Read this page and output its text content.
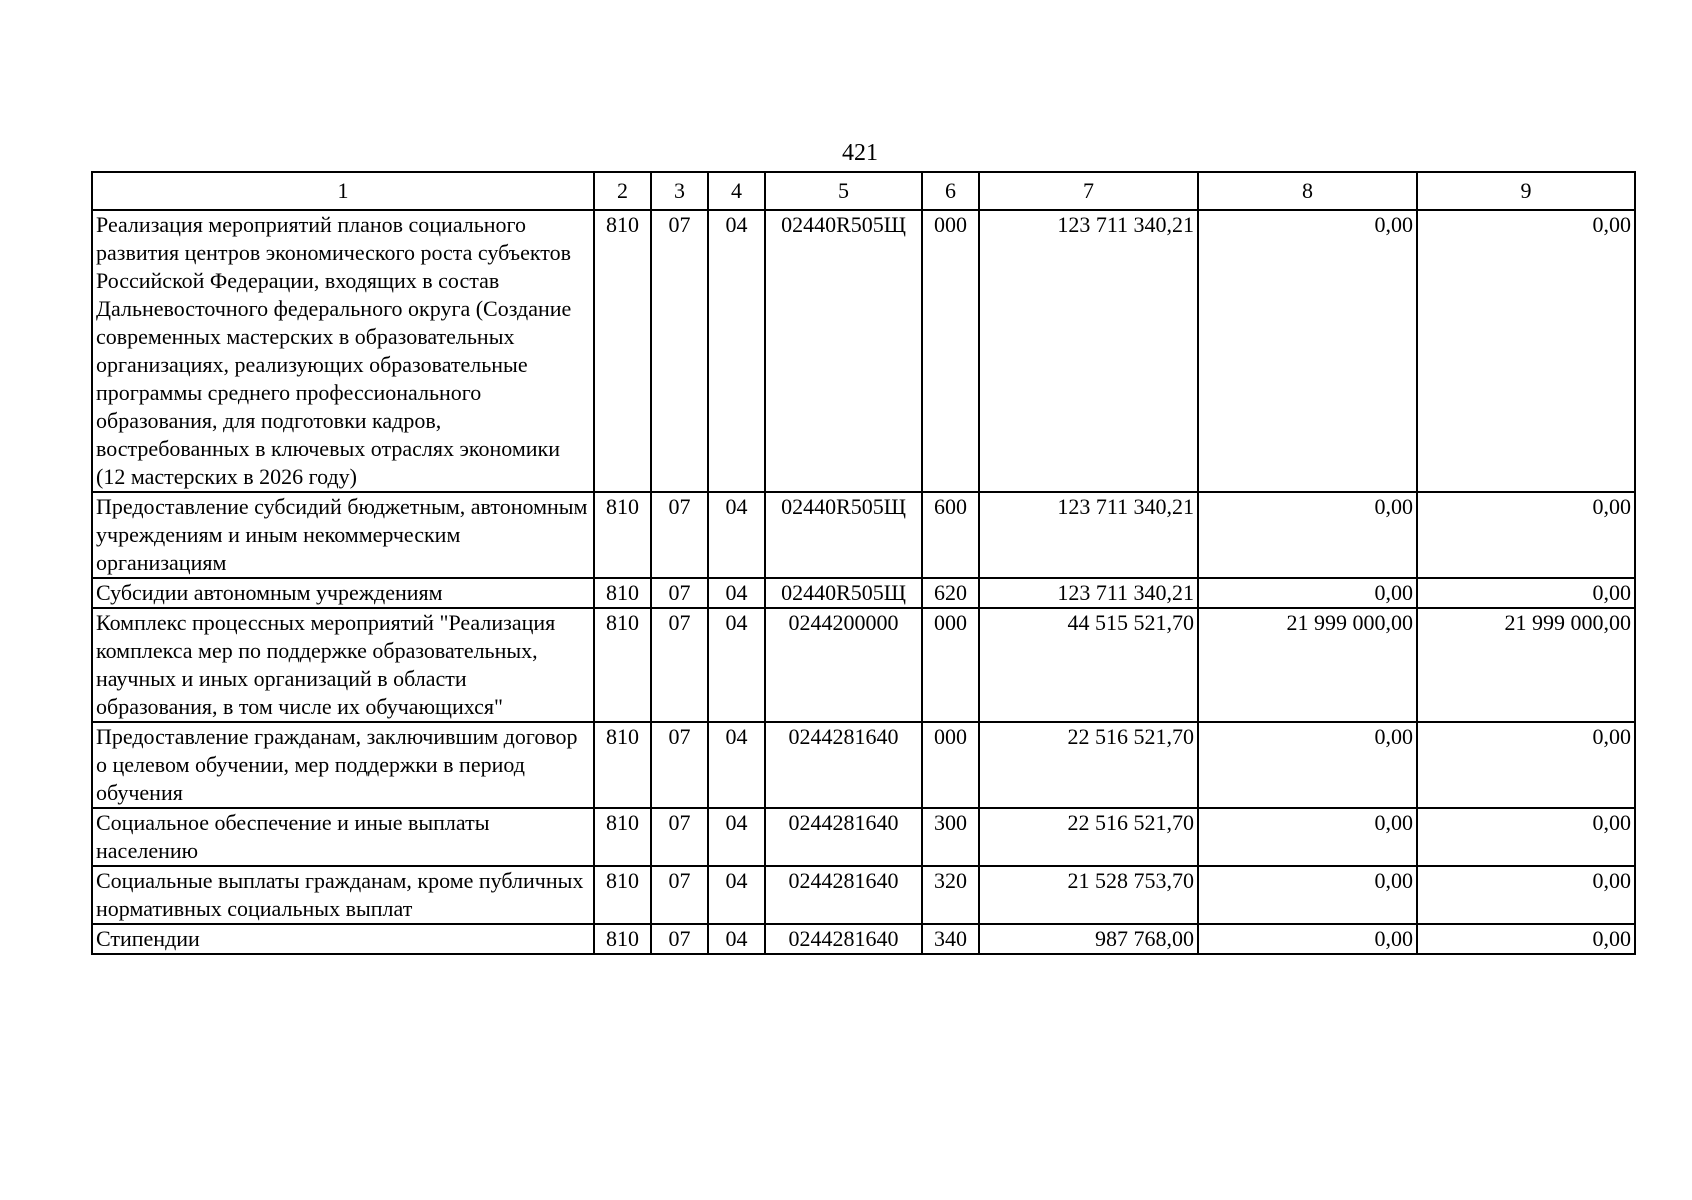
421
1	2	3	4	5	6	7	8	9
Реализация мероприятий планов социального развития центров экономического роста субъектов Российской Федерации, входящих в состав Дальневосточного федерального округа (Создание современных мастерских в образовательных организациях, реализующих образовательные программы среднего профессионального образования, для подготовки кадров, востребованных в ключевых отраслях экономики (12 мастерских в 2026 году)	810	07	04	02440R505Щ	000	123 711 340,21	0,00	0,00
Предоставление субсидий бюджетным, автономным учреждениям и иным некоммерческим организациям	810	07	04	02440R505Щ	600	123 711 340,21	0,00	0,00
Субсидии автономным учреждениям	810	07	04	02440R505Щ	620	123 711 340,21	0,00	0,00
Комплекс процессных мероприятий "Реализация комплекса мер по поддержке образовательных, научных и иных организаций в области образования, в том числе их обучающихся"	810	07	04	0244200000	000	44 515 521,70	21 999 000,00	21 999 000,00
Предоставление гражданам, заключившим договор о целевом обучении, мер поддержки в период обучения	810	07	04	0244281640	000	22 516 521,70	0,00	0,00
Социальное обеспечение и иные выплаты населению	810	07	04	0244281640	300	22 516 521,70	0,00	0,00
Социальные выплаты гражданам, кроме публичных нормативных социальных выплат	810	07	04	0244281640	320	21 528 753,70	0,00	0,00
Стипендии	810	07	04	0244281640	340	987 768,00	0,00	0,00
